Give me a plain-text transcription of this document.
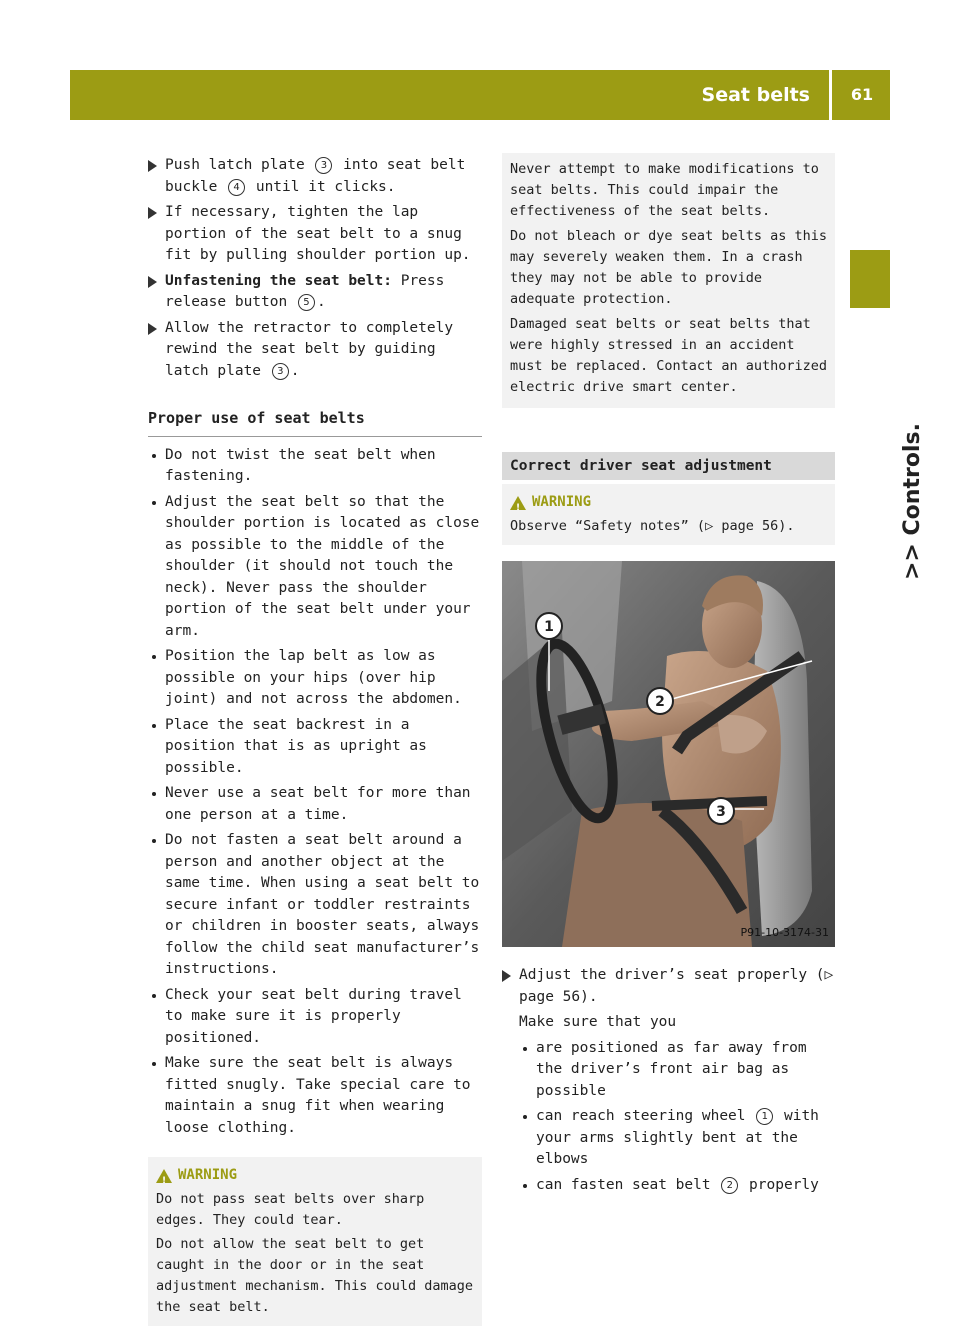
Seat belts	61
>> Controls.
Push latch plate 3 into seat belt buckle 4 until it clicks.
If necessary, tighten the lap portion of the seat belt to a snug fit by pulling shoulder portion up.
Unfastening the seat belt: Press release button 5 .
Allow the retractor to completely rewind the seat belt by guiding latch plate 3 .
Proper use of seat belts
Do not twist the seat belt when fastening.
Adjust the seat belt so that the shoulder portion is located as close as possible to the middle of the shoulder (it should not touch the neck). Never pass the shoulder portion of the seat belt under your arm.
Position the lap belt as low as possible on your hips (over hip joint) and not across the abdomen.
Place the seat backrest in a position that is as upright as possible.
Never use a seat belt for more than one person at a time.
Do not fasten a seat belt around a person and another object at the same time. When using a seat belt to secure infant or toddler restraints or children in booster seats, always follow the child seat manufacturer’s instructions.
Check your seat belt during travel to make sure it is properly positioned.
Make sure the seat belt is always fitted snugly. Take special care to maintain a snug fit when wearing loose clothing.
!
WARNING
Do not pass seat belts over sharp edges. They could tear.
Do not allow the seat belt to get caught in the door or in the seat adjustment mechanism. This could damage the seat belt.

Never attempt to make modifications to seat belts. This could impair the effectiveness of the seat belts.

Do not bleach or dye seat belts as this may severely weaken them. In a crash they may not be able to provide adequate protection.

Damaged seat belts or seat belts that were highly stressed in an accident must be replaced. Contact an authorized electric drive smart center.

Correct driver seat adjustment
!
WARNING
Observe “Safety notes” (▷ page 56).
1
2
3
P91-10-3174-31
Adjust the driver’s seat properly (▷ page 56).
Make sure that you
are positioned as far away from the driver’s front air bag as possible
can reach steering wheel 1 with your arms slightly bent at the elbows
can fasten seat belt 2 properly
